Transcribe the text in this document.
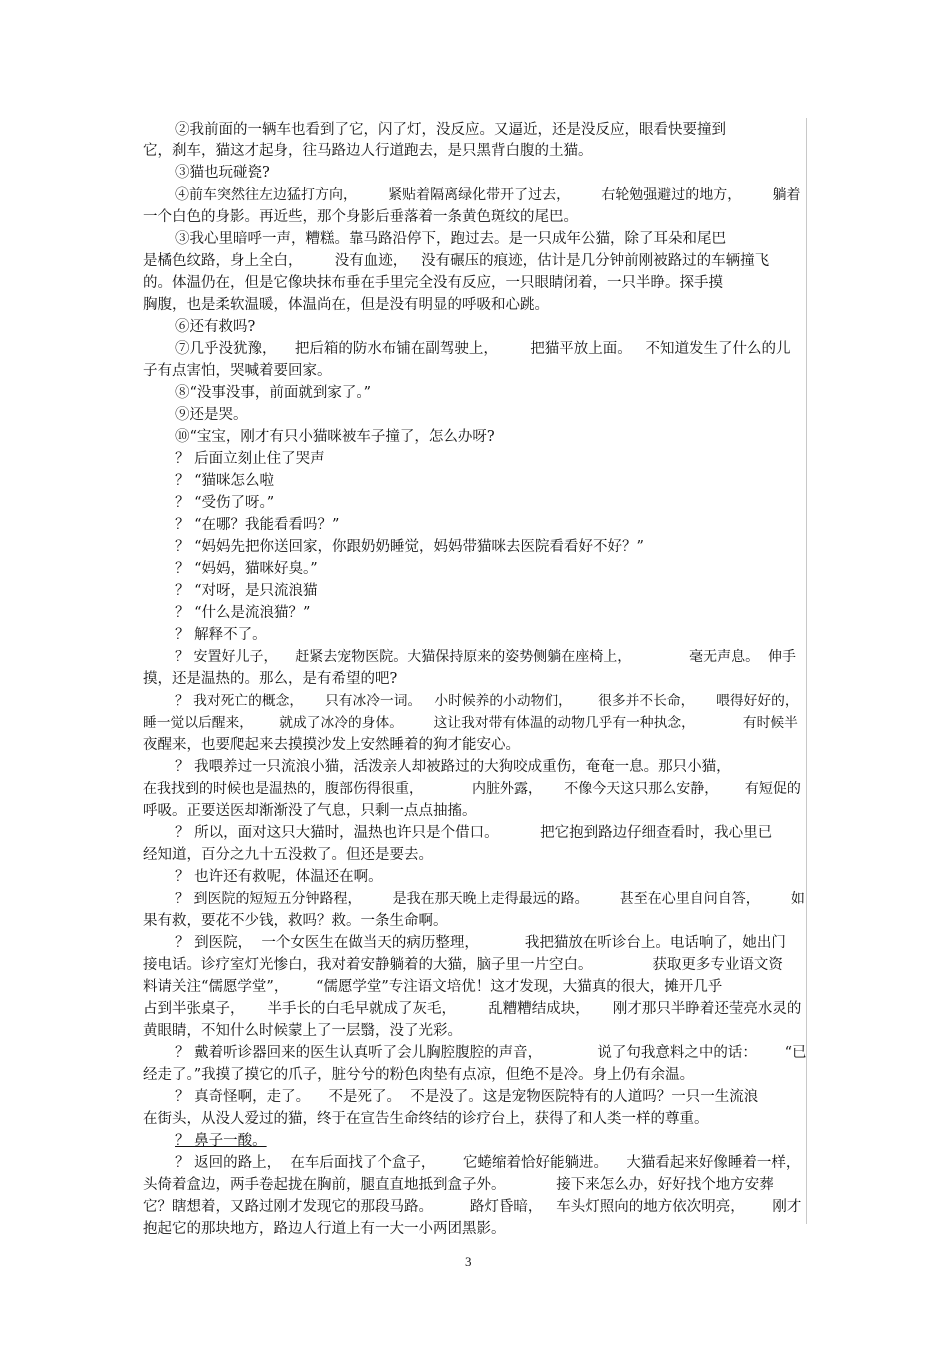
3
②我前面的一辆车也看到了它，闪了灯，没反应。又逼近，还是没反应，眼看快要撞到
它，刹车，猫这才起身，往马路边人行道跑去，是只黑背白腹的土猫。
③猫也玩碰瓷?
④前车突然往左边猛打方向，       紧贴着隔离绿化带开了过去，       右轮勉强避过的地方，       躺着
一个白色的身影。再近些，那个身影后垂落着一条黄色斑纹的尾巴。
③我心里暗呼一声，糟糕。靠马路沿停下，跑过去。是一只成年公猫，除了耳朵和尾巴
是橘色纹路，身上全白，       没有血迹，   没有碾压的痕迹，估计是几分钟前刚被路过的车辆撞飞
的。体温仍在，但是它像块抹布垂在手里完全没有反应，一只眼睛闭着，一只半睁。探手摸
胸腹，也是柔软温暖，体温尚在，但是没有明显的呼吸和心跳。
⑥还有救吗?
⑦几乎没犹豫，    把后箱的防水布铺在副驾驶上，       把猫平放上面。   不知道发生了什么的儿
子有点害怕，哭喊着要回家。
⑧“没事没事，前面就到家了。”
⑨还是哭。
⑩“宝宝，刚才有只小猫咪被车子撞了，怎么办呀?
？ 后面立刻止住了哭声
？ “猫咪怎么啦
？ “受伤了呀。”
？ “在哪？我能看看吗？”
？ “妈妈先把你送回家，你跟奶奶睡觉，妈妈带猫咪去医院看看好不好？”
？ “妈妈，猫咪好臭。”
？ “对呀，是只流浪猫
？ “什么是流浪猫？”
？ 解释不了。
？ 安置好儿子，    赶紧去宠物医院。大猫保持原来的姿势侧躺在座椅上，             毫无声息。  伸手
摸，还是温热的。那么，是有希望的吧?
？ 我对死亡的概念，     只有冰冷一词。   小时候养的小动物们，      很多并不长命，     喂得好好的，
睡一觉以后醒来，      就成了冰冷的身体。       这让我对带有体温的动物几乎有一种执念，           有时候半
夜醒来，也要爬起来去摸摸沙发上安然睡着的狗才能安心。
？ 我喂养过一只流浪小猫，活泼亲人却被路过的大狗咬成重伤，奄奄一息。那只小猫，
在我找到的时候也是温热的，腹部伤得很重，           内脏外露，     不像今天这只那么安静，      有短促的
呼吸。正要送医却渐渐没了气息，只剩一点点抽搐。
？ 所以，面对这只大猫时，温热也许只是个借口。         把它抱到路边仔细查看时，我心里已
经知道，百分之九十五没救了。但还是要去。
？ 也许还有救呢，体温还在啊。
？ 到医院的短短五分钟路程，       是我在那天晚上走得最远的路。       甚至在心里自问自答，       如
果有救，要花不少钱，救吗？救。一条生命啊。
？ 到医院，  一个女医生在做当天的病历整理，          我把猫放在听诊台上。电话响了，她出门
接电话。诊疗室灯光惨白，我对着安静躺着的大猫，脑子里一片空白。             获取更多专业语文资
料请关注“儒愿学堂”，      “儒愿学堂”专注语文培优！这才发现，大猫真的很大，摊开几乎
占到半张桌子，     半手长的白毛早就成了灰毛，       乱糟糟结成块，     刚才那只半睁着还莹亮水灵的
黄眼睛，不知什么时候蒙上了一层翳，没了光彩。
？ 戴着听诊器回来的医生认真听了会儿胸腔腹腔的声音，            说了句我意料之中的话：      “已
经走了。”我摸了摸它的爪子，脏兮兮的粉色肉垫有点凉，但绝不是冷。身上仍有余温。
？ 真奇怪啊，走了。    不是死了。  不是没了。这是宠物医院特有的人道吗？一只一生流浪
在街头，从没人爱过的猫，终于在宣告生命终结的诊疗台上，获得了和人类一样的尊重。
？ 鼻子一酸。
？ 返回的路上，  在车后面找了个盒子，      它蜷缩着恰好能躺进。    大猫看起来好像睡着一样，
头倚着盒边，两手卷起拢在胸前，腿直直地抵到盒子外。           接下来怎么办，好好找个地方安葬
它？瞎想着，又路过刚才发现它的那段马路。        路灯昏暗，   车头灯照向的地方依次明亮，      刚才
抱起它的那块地方，路边人行道上有一大一小两团黑影。
